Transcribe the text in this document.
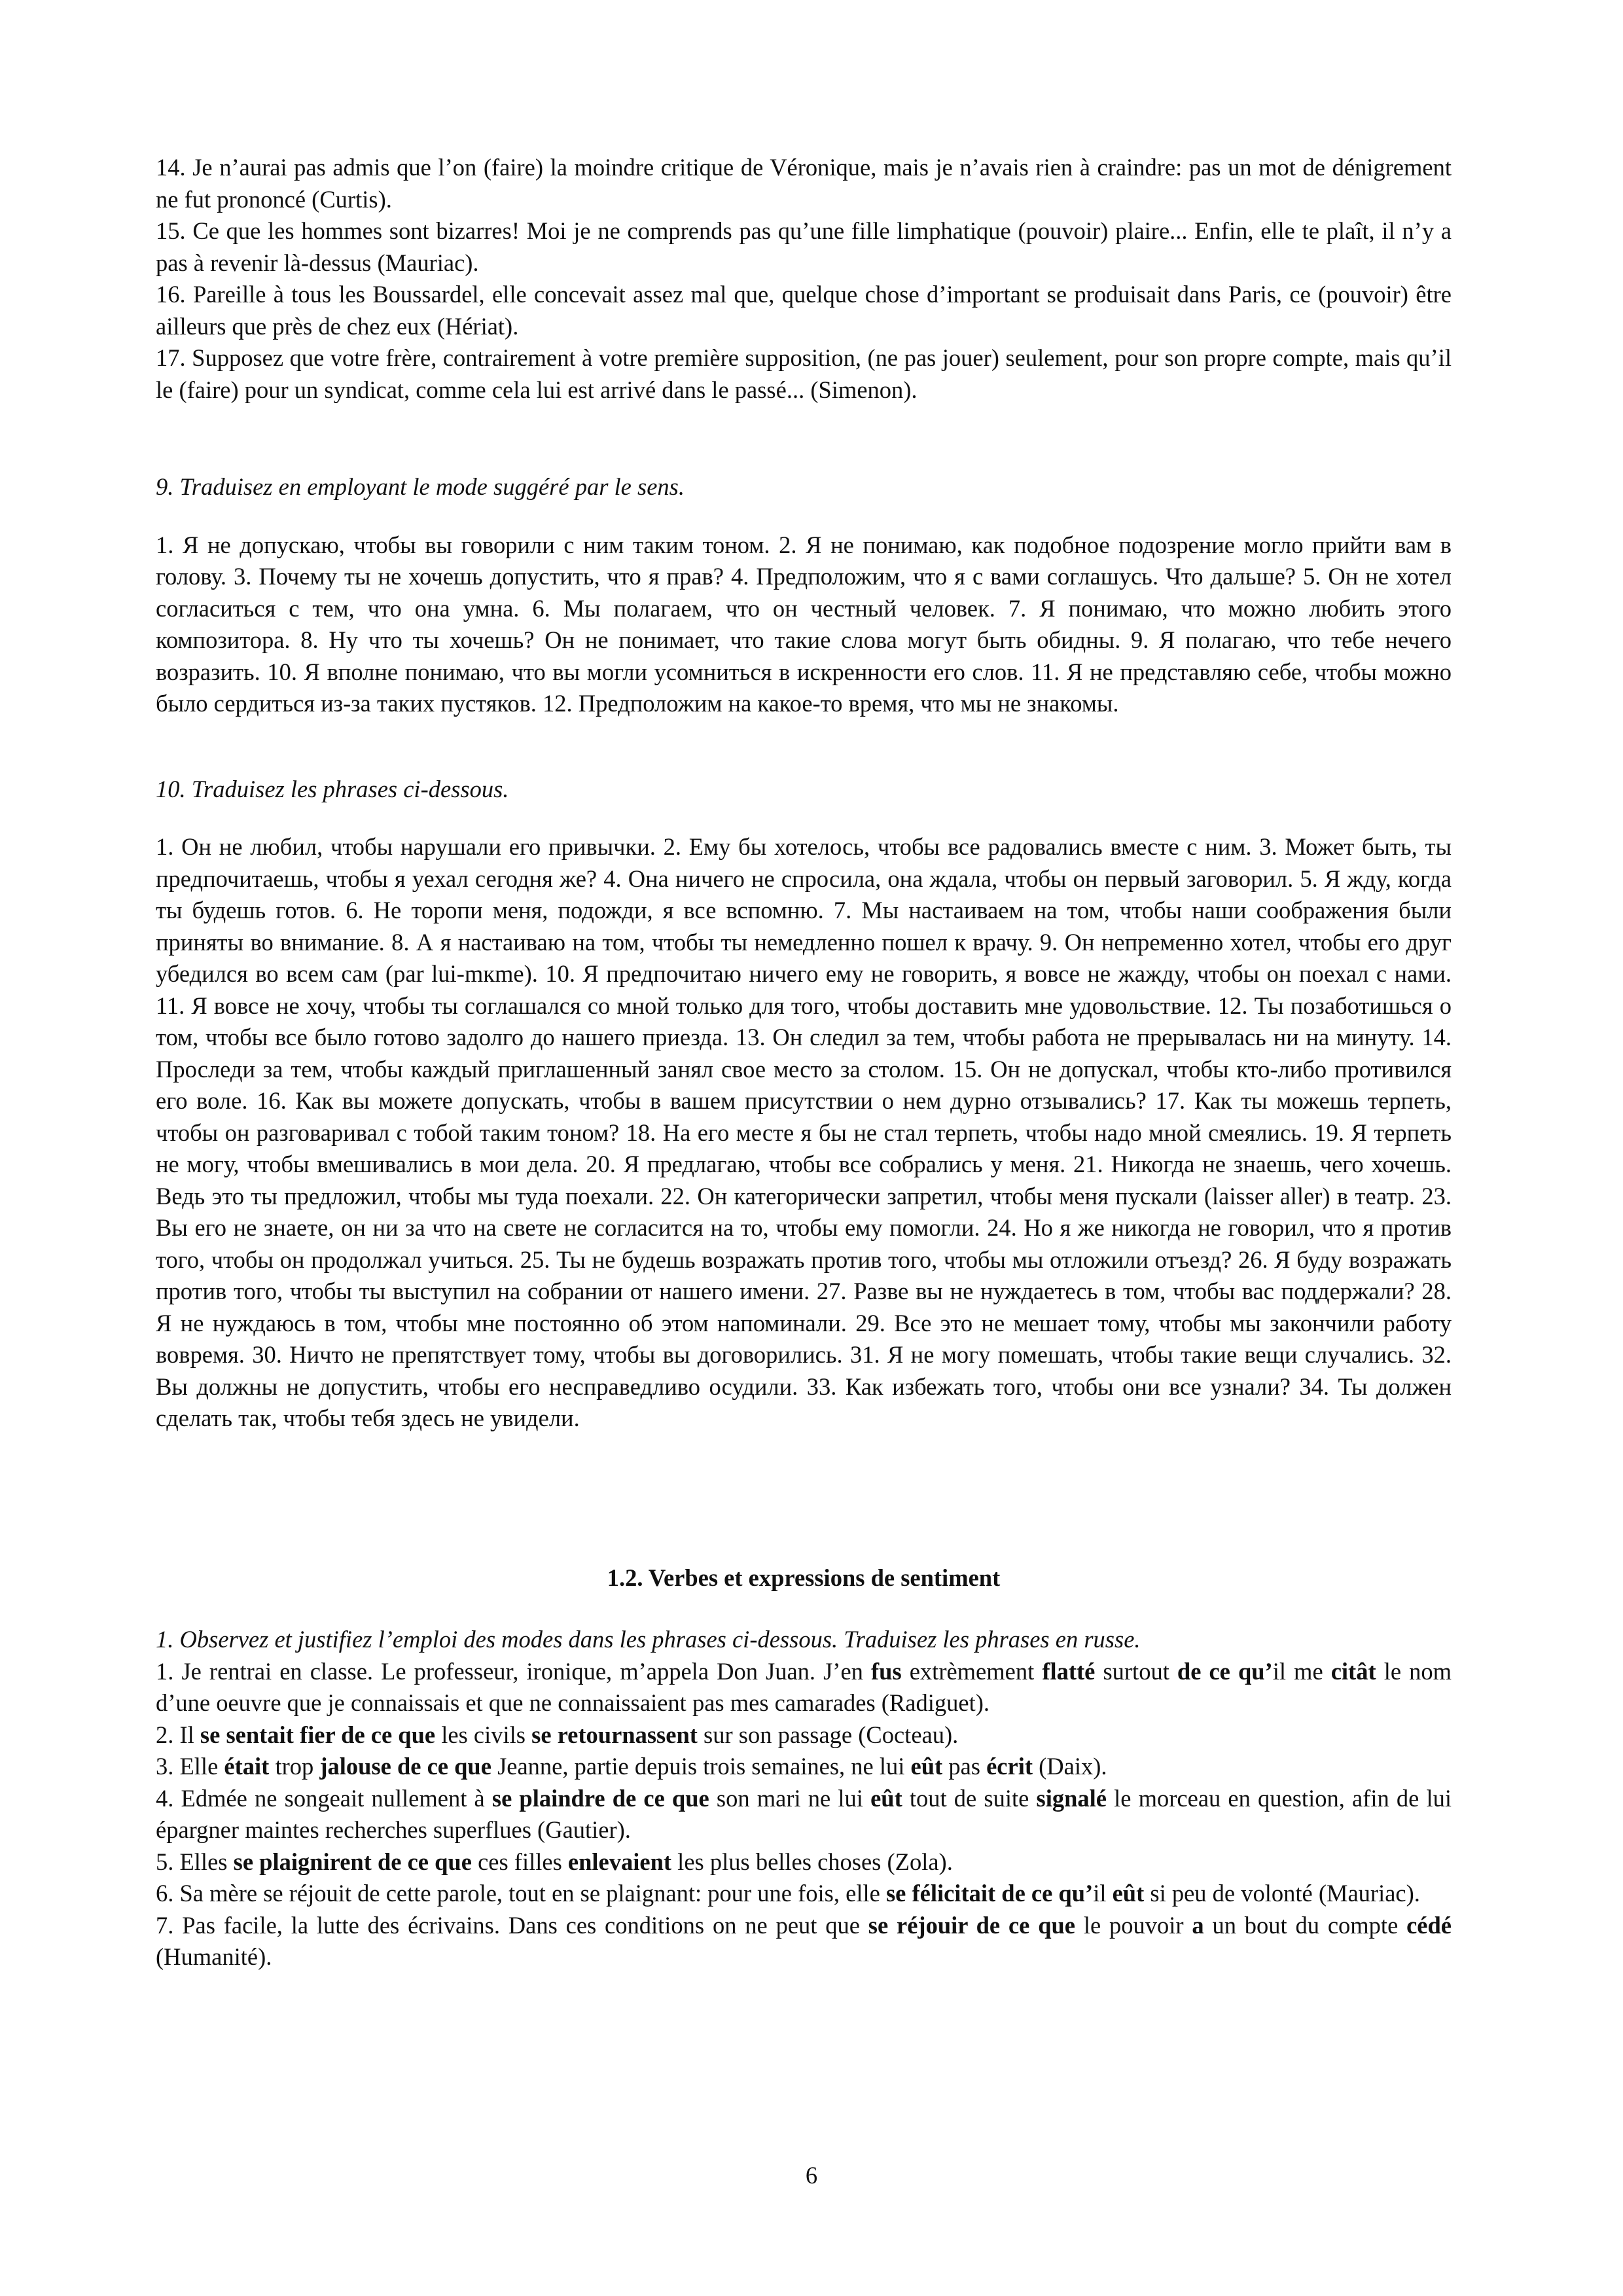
14. Je n’aurai pas admis que l’on (faire) la moindre critique de Véronique, mais je n’avais rien à craindre: pas un mot de dénigrement ne fut prononcé (Curtis).

15. Ce que les hommes sont bizarres! Moi je ne comprends pas qu’une fille limphatique (pouvoir) plaire... Enfin, elle te plaît, il n’y a pas à revenir là-dessus (Mauriac).

16. Pareille à tous les Boussardel, elle concevait assez mal que, quelque chose d’important se produisait dans Paris, ce (pouvoir) être ailleurs que près de chez eux (Hériat).

17. Supposez que votre frère, contrairement à votre première supposition, (ne pas jouer) seulement, pour son propre compte, mais qu’il le (faire) pour un syndicat, comme cela lui est arrivé dans le passé... (Simenon).

9. Traduisez en employant le mode suggéré par le sens.

1. Я не допускаю, чтобы вы говорили с ним таким тоном. 2. Я не понимаю, как подобное подозрение могло прийти вам в голову. 3. Почему ты не хочешь допустить, что я прав? 4. Предположим, что я с вами соглашусь. Что дальше? 5. Он не хотел согласиться с тем, что она умна. 6. Мы полагаем, что он честный человек. 7. Я понимаю, что можно любить этого композитора. 8. Ну что ты хочешь? Он не понимает, что такие слова могут быть обидны. 9. Я полагаю, что тебе нечего возразить. 10. Я вполне понимаю, что вы могли усомниться в искренности его слов. 11. Я не представляю себе, чтобы можно было сердиться из-за таких пустяков. 12. Предположим на какое-то время, что мы не знакомы.

10. Traduisez les phrases ci-dessous.

1. Он не любил, чтобы нарушали его привычки. 2. Ему бы хотелось, чтобы все радовались вместе с ним. 3. Может быть, ты предпочитаешь, чтобы я уехал сегодня же? 4. Она ничего не спросила, она ждала, чтобы он первый заговорил. 5. Я жду, когда ты будешь готов. 6. Не торопи меня, подожди, я все вспомню. 7. Мы настаиваем на том, чтобы наши соображения были приняты во внимание. 8. А я настаиваю на том, чтобы ты немедленно пошел к врачу. 9. Он непременно хотел, чтобы его друг убедился во всем сам (par lui-mкme). 10. Я предпочитаю ничего ему не говорить, я вовсе не жажду, чтобы он поехал с нами. 11. Я вовсе не хочу, чтобы ты соглашался со мной только для того, чтобы доставить мне удовольствие. 12. Ты позаботишься о том, чтобы все было готово задолго до нашего приезда. 13. Он следил за тем, чтобы работа не прерывалась ни на минуту. 14. Проследи за тем, чтобы каждый приглашенный занял свое место за столом. 15. Он не допускал, чтобы кто-либо противился его воле. 16. Как вы можете допускать, чтобы в вашем присутствии о нем дурно отзывались? 17. Как ты можешь терпеть, чтобы он разговаривал с тобой таким тоном? 18. На его месте я бы не стал терпеть, чтобы надо мной смеялись. 19. Я терпеть не могу, чтобы вмешивались в мои дела. 20. Я предлагаю, чтобы все собрались у меня. 21. Никогда не знаешь, чего хочешь. Ведь это ты предложил, чтобы мы туда поехали. 22. Он категорически запретил, чтобы меня пускали (laisser aller) в театр. 23. Вы его не знаете, он ни за что на свете не согласится на то, чтобы ему помогли. 24. Но я же никогда не говорил, что я против того, чтобы он продолжал учиться. 25. Ты не будешь возражать против того, чтобы мы отложили отъезд? 26. Я буду возражать против того, чтобы ты выступил на собрании от нашего имени. 27. Разве вы не нуждаетесь в том, чтобы вас поддержали? 28. Я не нуждаюсь в том, чтобы мне постоянно об этом напоминали. 29. Все это не мешает тому, чтобы мы закончили работу вовремя. 30. Ничто не препятствует тому, чтобы вы договорились. 31. Я не могу помешать, чтобы такие вещи случались. 32. Вы должны не допустить, чтобы его несправедливо осудили. 33. Как избежать того, чтобы они все узнали? 34. Ты должен сделать так, чтобы тебя здесь не увидели.

1.2. Verbes et expressions de sentiment

1. Observez et justifiez l’emploi des modes dans les phrases ci-dessous. Traduisez les phrases en russe.

1. Je rentrai en classe. Le professeur, ironique, m’appela Don Juan. J’en fus extrèmement flatté surtout de ce qu’il me citât le nom d’une oeuvre que je connaissais et que ne connaissaient pas mes camarades (Radiguet).

2. Il se sentait fier de ce que les civils se retournassent sur son passage (Cocteau).

3. Elle était trop jalouse de ce que Jeanne, partie depuis trois semaines, ne lui eût pas écrit (Daix).

4. Edmée ne songeait nullement à se plaindre de ce que son mari ne lui eût tout de suite signalé le morceau en question, afin de lui épargner maintes recherches superflues (Gautier).

5. Elles se plaignirent de ce que ces filles enlevaient les plus belles choses (Zola).

6. Sa mère se réjouit de cette parole, tout en se plaignant: pour une fois, elle se félicitait de ce qu’il eût si peu de volonté (Mauriac).

7. Pas facile, la lutte des écrivains. Dans ces conditions on ne peut que se réjouir de ce que le pouvoir a un bout du compte cédé (Humanité).

6
